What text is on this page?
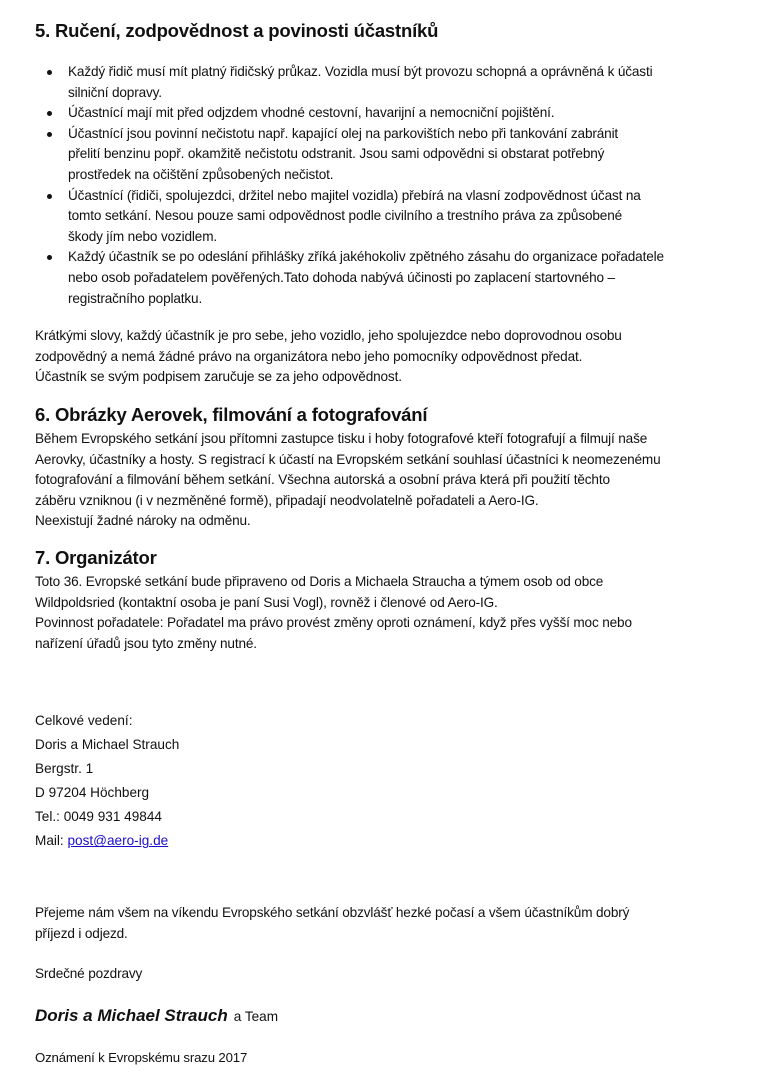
5. Ručení, zodpovědnost a povinosti účastníků
Každý řidič musí mít platný řidičský průkaz. Vozidla musí být provozu schopná a oprávněná k účasti
silniční dopravy.
Účastnící mají mit před odjzdem vhodné cestovní, havarijní a nemocniční pojištění.
Účastnící jsou povinní nečistotu např. kapající olej na parkovištích nebo při tankování zabránit
přelití benzinu popř. okamžitě nečistotu odstranit. Jsou sami odpovědni si obstarat potřebný
prostředek na očištění způsobených nečistot.
Účastnící (řidiči, spolujezdci, držitel nebo majitel vozidla) přebírá na vlasní zodpovědnost účast na
tomto setkání. Nesou pouze sami odpovědnost podle civilního a trestního práva za způsobené
škody jím nebo vozidlem.
Každý účastník se po odeslání přihlášky zříká jakéhokoliv zpětného zásahu do organizace pořadatele
nebo osob pořadatelem pověřených.Tato dohoda nabývá účinosti po zaplacení startovného –
registračního poplatku.
Krátkými slovy, každý účastník je pro sebe, jeho vozidlo, jeho spolujezdce nebo doprovodnou osobu
zodpovědný a nemá žádné právo na organizátora nebo jeho pomocníky odpovědnost předat.
Účastník se svým podpisem zaručuje se za jeho odpovědnost.
6. Obrázky Aerovek, filmování a fotografování
Během Evropského setkání jsou přítomni zastupce tisku i hoby fotografové kteří fotografují a filmují naše
Aerovky, účastníky a hosty. S registrací k účastí na Evropském setkání souhlasí účastníci k neomezenému
fotografování a filmování během setkání. Všechna autorská a osobní práva která při použití těchto
záběru vzniknou (i v nezměněné formě), připadají neodvolatelně pořadateli a Aero-IG.
Neexistují žadné nároky na odměnu.
7. Organizátor
Toto 36. Evropské setkání bude připraveno od Doris a Michaela Straucha a týmem osob od obce
Wildpoldsried (kontaktní osoba je paní Susi Vogl), rovněž i členové od Aero-IG.
Povinnost pořadatele: Pořadatel ma právo provést změny oproti oznámení, když přes vyšší moc nebo
nařízení úřadů jsou tyto změny nutné.
Celkové vedení:
Doris a Michael Strauch
Bergstr. 1
D 97204 Höchberg
Tel.: 0049 931 49844
Mail: post@aero-ig.de
Přejeme nám všem na víkendu Evropského setkání obzvlášť hezké počasí a všem účastníkům dobrý
příjezd i odjezd.
Srdečné pozdravy
Doris a Michael Strauch a Team
Oznámení k Evropskému srazu 2017
